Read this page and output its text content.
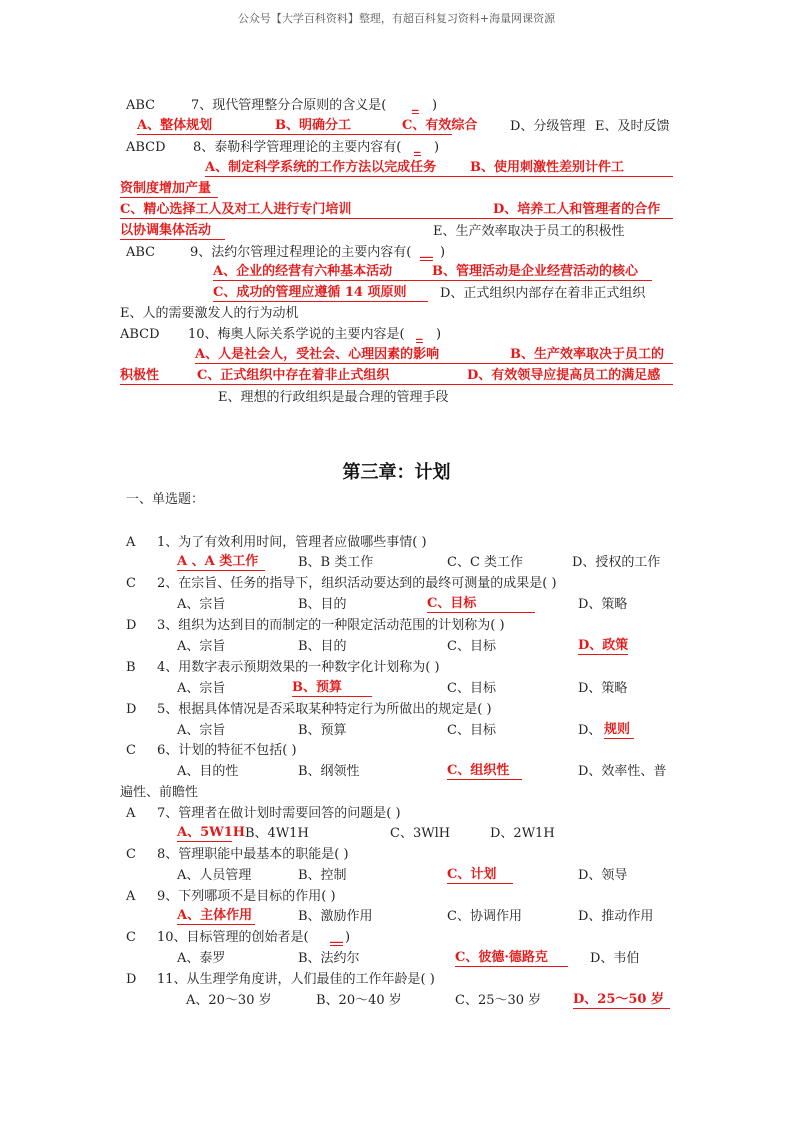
公众号【大学百科资料】整理，有超百科复习资料+海量网课资源
第三章：计划
一、单选题：
ABC	7、现代管理整分合原则的含义是( _ )
A、整体规划	B、明确分工	C、有效综合	D、分级管理 E、及时反馈
ABCD 8、泰勒科学管理理论的主要内容有( _ )
A、制定科学系统的工作方法以完成任务	B、使用刺激性差别计件工
资制度增加产量
C、精心选择工人及对工人进行专门培训	D、培养工人和管理者的合作
以协调集体活动	E、生产效率取决于员工的积极性
ABC	9、法约尔管理过程理论的主要内容有( __ )
A、企业的经营有六种基本活动	B、管理活动是企业经营活动的核心
C、成功的管理应遵循 14 项原则	D、正式组织内部存在着非正式组织
E、人的需要激发人的行为动机
ABCD 10、梅奥人际关系学说的主要内容是( _ )
A、人是社会人，受社会、心理因素的影响	B、生产效率取决于员工的
积极性	C、正式组织中存在着非止式组织	D、有效领导应提高员工的满足感
E、理想的行政组织是最合理的管理手段
A 1、为了有效利用时间，管理者应做哪些事情( )
A 、A 类工作	B、B 类工作	C、C 类工作	D、授权的工作
C 2、在宗旨、任务的指导下，组织活动要达到的最终可测量的成果是( )
A、宗旨	B、目的	C、目标	D、策略
D 3、组织为达到目的而制定的一种限定活动范围的计划称为( )
A、宗旨	B、目的	C、目标	D、政策
B 4、用数字表示预期效果的一种数字化计划称为( )
A、宗旨	B、预算	C、目标	D、策略
D 5、根据具体情况是否采取某种特定行为所做出的规定是( )
A、宗旨	B、预算	C、目标	D、 规则
C 6、计划的特征不包括( )
A、目的性	B、纲领性	C、组织性	D、效率性、普
遍性、前瞻性
A 7、管理者在做计划时需要回答的问题是( )
A、5W1H B、4W1H	C、3WlH	D、2W1H
C 8、管理职能中最基本的职能是( )
A、人员管理	B、控制	C、计划	D、领导
A 9、下列哪项不是目标的作用( )
A、主体作用	B、激励作用	C、协调作用	D、推动作用
C 10、目标管理的创始者是( __ )
A、泰罗	B、法约尔	C、彼德·德路克	D、韦伯
D 11、从生理学角度讲，人们最佳的工作年龄是( )
A、20～30 岁	B、20～40 岁	C、25～30 岁 D、25～50 岁
